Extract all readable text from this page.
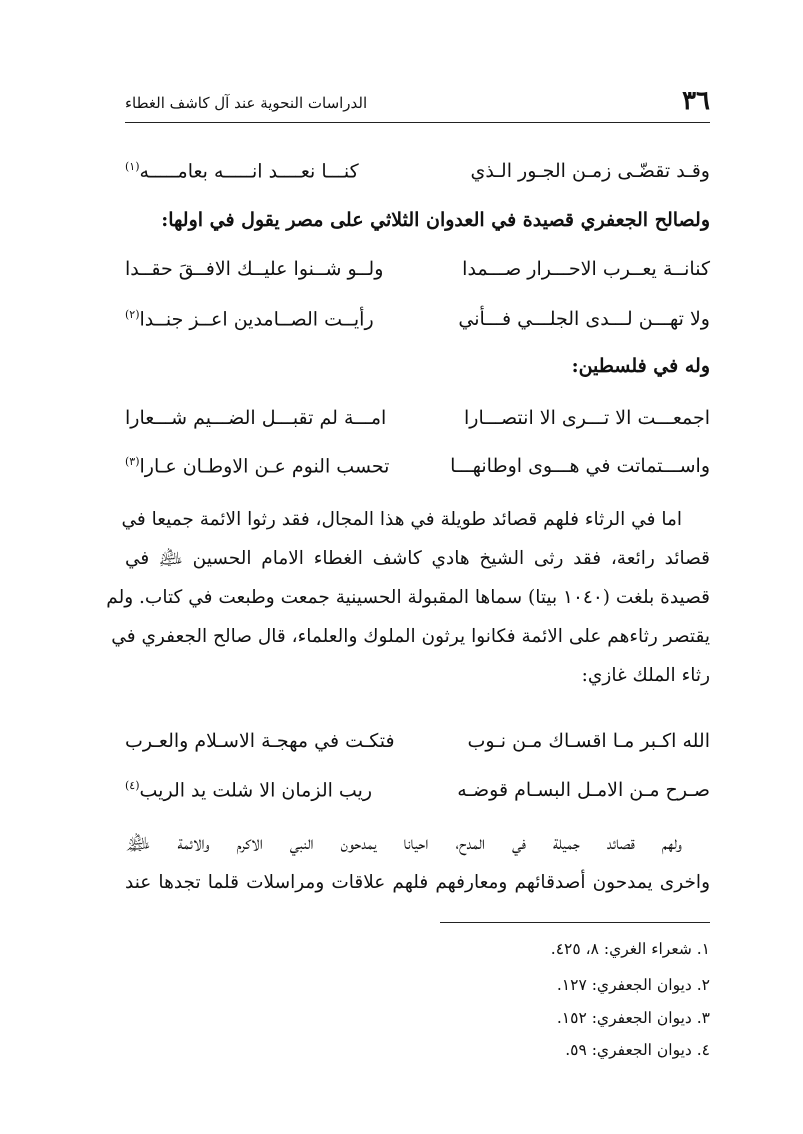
٣٦
الدراسات النحوية عند آل كاشف الغطاء
وقـد تقضّـى زمـن الجـور الـذي
كنـــا نعــــد انـــــه بعامـــــه$^{(١)}$
ولصالح الجعفري قصيدة في العدوان الثلاثي على مصر يقول في اولها:
كنانــة يعــرب الاحـــرار صـــمدا
ولــو شــنوا عليــك الافــقَ حقــدا
ولا تهـــن لـــدى الجلـــي فـــأني
رأيــت الصــامدين اعــز جنــدا$^{(٢)}$
وله في فلسطين:
اجمعـــت الا تـــرى الا انتصـــارا
امـــة لم تقبـــل الضـــيم شـــعارا
واســـتماتت في هـــوى اوطانهـــا
تحسب النوم عـن الاوطـان عـارا$^{(٣)}$
اما في الرثاء فلهم قصائد طويلة في هذا المجال، فقد رثوا الائمة جميعا في
قصائد رائعة، فقد رثى الشيخ هادي كاشف الغطاء الامام الحسين ﵇ في
قصيدة بلغت (١٠٤٠ بيتا) سماها المقبولة الحسينية جمعت وطبعت في كتاب. ولم
يقتصر رثاءهم على الائمة فكانوا يرثون الملوك والعلماء، قال صالح الجعفري في
رثاء الملك غازي:
الله اكـبر مـا اقسـاك مـن نـوب
فتكـت في مهجـة الاسـلام والعـرب
صـرح مـن الامـل البسـام قوضـه
ريب الزمان الا شلت يد الريب$^{(٤)}$
ولهم قصائد جميلة في المدح، احيانا يمدحون النبي الاكرم والائمة ﵈
واخرى يمدحون أصدقائهم ومعارفهم فلهم علاقات ومراسلات قلما تجدها عند
١. شعراء الغري: ٨، ٤٢٥.
٢. ديوان الجعفري: ١٢٧.
٣. ديوان الجعفري: ١٥٢.
٤. ديوان الجعفري: ٥٩.
